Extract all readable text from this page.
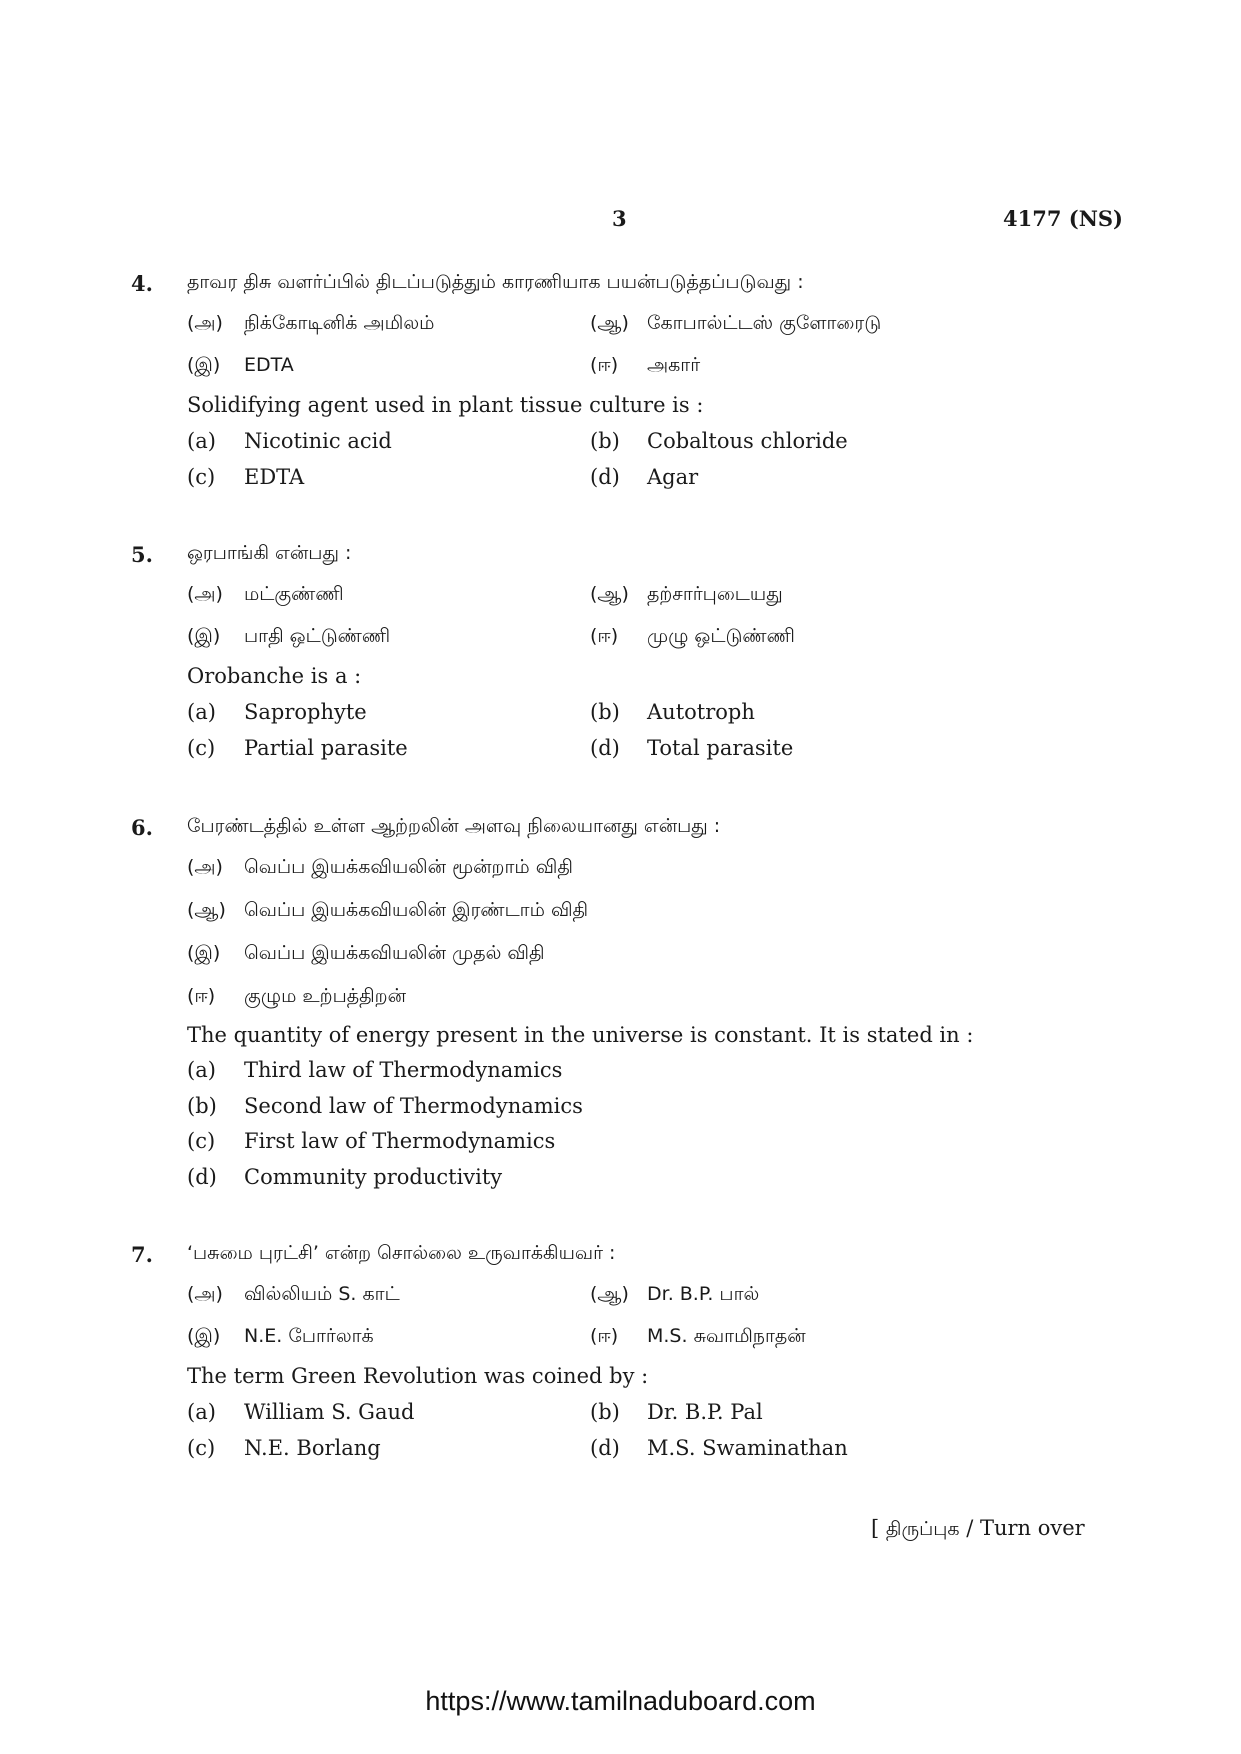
3	4177 (NS)
4. தாவர திசு வளர்ப்பில் திடப்படுத்தும் காரணியாக பயன்படுத்தப்படுவது :
(அ) நிக்கோடினிக் அமிலம்	(ஆ) கோபால்ட்டஸ் குளோரைடு
(இ) EDTA	(ஈ) அகார்
Solidifying agent used in plant tissue culture is :
(a) Nicotinic acid	(b) Cobaltous chloride
(c) EDTA	(d) Agar
5. ஒரபாங்கி என்பது :
(அ) மட்குண்ணி	(ஆ) தற்சார்புடையது
(இ) பாதி ஒட்டுண்ணி	(ஈ) முழு ஒட்டுண்ணி
Orobanche is a :
(a) Saprophyte	(b) Autotroph
(c) Partial parasite	(d) Total parasite
6. பேரண்டத்தில் உள்ள ஆற்றலின் அளவு நிலையானது என்பது :
(அ) வெப்ப இயக்கவியலின் மூன்றாம் விதி
(ஆ) வெப்ப இயக்கவியலின் இரண்டாம் விதி
(இ) வெப்ப இயக்கவியலின் முதல் விதி
(ஈ) குழும உற்பத்திறன்
The quantity of energy present in the universe is constant. It is stated in :
(a) Third law of Thermodynamics
(b) Second law of Thermodynamics
(c) First law of Thermodynamics
(d) Community productivity
7. ‘பசுமை புரட்சி’ என்ற சொல்லை உருவாக்கியவர் :
(அ) வில்லியம் S. காட்	(ஆ) Dr. B.P. பால்
(இ) N.E. போர்லாக்	(ஈ) M.S. சுவாமிநாதன்
The term Green Revolution was coined by :
(a) William S. Gaud	(b) Dr. B.P. Pal
(c) N.E. Borlang	(d) M.S. Swaminathan
[ திருப்புக / Turn over
https://www.tamilnaduboard.com
